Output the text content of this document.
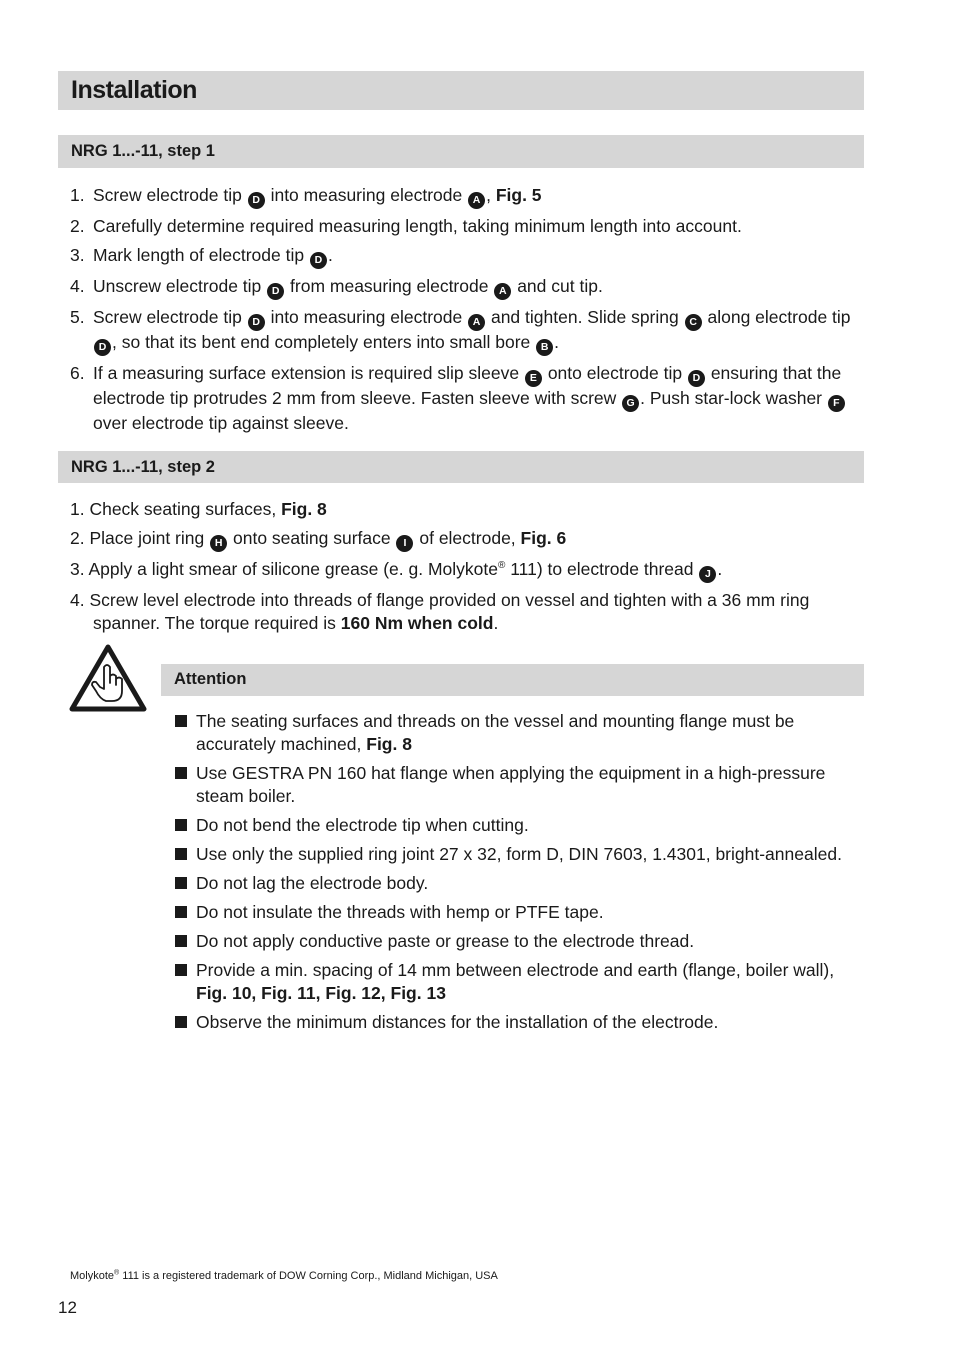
Installation
NRG 1...-11, step 1

1. Screw electrode tip D into measuring electrode A , Fig. 5

2. Carefully determine required measuring length, taking minimum length into account.

3. Mark length of electrode tip D .

4. Unscrew electrode tip D from measuring electrode A and cut tip.

5. Screw electrode tip D into measuring electrode A and tighten. Slide spring C along electrode tip
D , so that its bent end completely enters into small bore B .

6. If a measuring surface extension is required slip sleeve E onto electrode tip D ensuring that the electrode tip protrudes 2 mm from sleeve. Fasten sleeve with screw G . Push star-lock washer F over electrode tip against sleeve.

NRG 1...-11, step 2

1. Check seating surfaces, Fig. 8

2. Place joint ring H onto seating surface I of electrode, Fig. 6

3. Apply a light smear of silicone grease (e. g. Molykote® 111) to electrode thread J .

4. Screw level electrode into threads of flange provided on vessel and tighten with a 36 mm ring
spanner. The torque required is 160 Nm when cold.

Attention

The seating surfaces and threads on the vessel and mounting flange must be accurately machined, Fig. 8

Use GESTRA PN 160 hat flange when applying the equipment in a high-pressure steam boiler.

Do not bend the electrode tip when cutting.

Use only the supplied ring joint 27 x 32, form D, DIN 7603, 1.4301, bright-annealed.

Do not lag the electrode body.

Do not insulate the threads with hemp or PTFE tape.

Do not apply conductive paste or grease to the electrode thread.

Provide a min. spacing of 14 mm between electrode and earth (flange, boiler wall),
Fig. 10, Fig. 11, Fig. 12, Fig. 13

Observe the minimum distances for the installation of the electrode.

Molykote® 111 is a registered trademark of DOW Corning Corp., Midland Michigan, USA
12
